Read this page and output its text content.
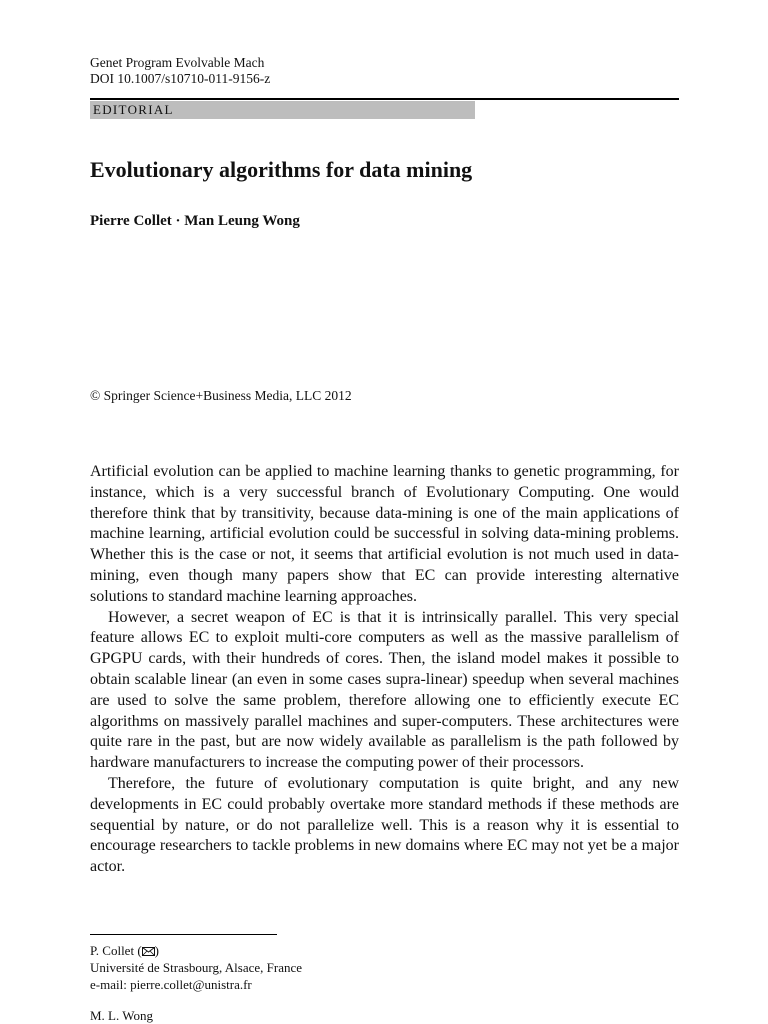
Genet Program Evolvable Mach
DOI 10.1007/s10710-011-9156-z
EDITORIAL
Evolutionary algorithms for data mining
Pierre Collet · Man Leung Wong
© Springer Science+Business Media, LLC 2012

Artificial evolution can be applied to machine learning thanks to genetic programming, for instance, which is a very successful branch of Evolutionary Computing. One would therefore think that by transitivity, because data-mining is one of the main applications of machine learning, artificial evolution could be successful in solving data-mining problems. Whether this is the case or not, it seems that artificial evolution is not much used in data-mining, even though many papers show that EC can provide interesting alternative solutions to standard machine learning approaches.

However, a secret weapon of EC is that it is intrinsically parallel. This very special feature allows EC to exploit multi-core computers as well as the massive parallelism of GPGPU cards, with their hundreds of cores. Then, the island model makes it possible to obtain scalable linear (an even in some cases supra-linear) speedup when several machines are used to solve the same problem, therefore allowing one to efficiently execute EC algorithms on massively parallel machines and super-computers. These architectures were quite rare in the past, but are now widely available as parallelism is the path followed by hardware manufacturers to increase the computing power of their processors.

Therefore, the future of evolutionary computation is quite bright, and any new developments in EC could probably overtake more standard methods if these methods are sequential by nature, or do not parallelize well. This is a reason why it is essential to encourage researchers to tackle problems in new domains where EC may not yet be a major actor.

P. Collet ( )
Université de Strasbourg, Alsace, France
e-mail: pierre.collet@unistra.fr
M. L. Wong
